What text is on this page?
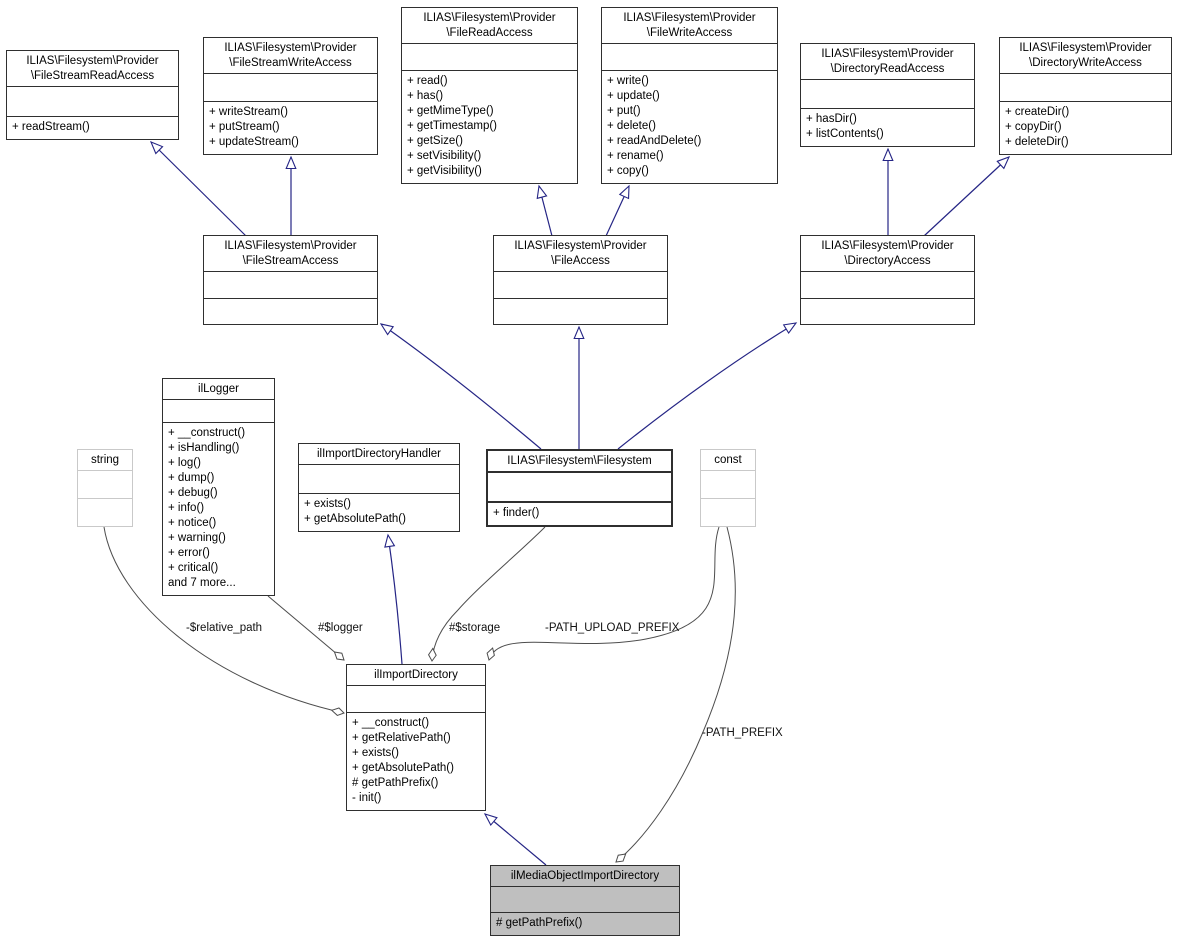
-$relative_path	#$logger	#$storage	-PATH_UPLOAD_PREFIX
-PATH_PREFIX
ILIAS\Filesystem\Provider
\FileStreamReadAccess
+ readStream()
ILIAS\Filesystem\Provider
\FileStreamWriteAccess
+ writeStream()
+ putStream()
+ updateStream()
ILIAS\Filesystem\Provider
\FileReadAccess
+ read()
+ has()
+ getMimeType()
+ getTimestamp()
+ getSize()
+ setVisibility()
+ getVisibility()
ILIAS\Filesystem\Provider
\FileWriteAccess
+ write()
+ update()
+ put()
+ delete()
+ readAndDelete()
+ rename()
+ copy()
ILIAS\Filesystem\Provider
\DirectoryReadAccess
+ hasDir()
+ listContents()
ILIAS\Filesystem\Provider
\DirectoryWriteAccess
+ createDir()
+ copyDir()
+ deleteDir()
ILIAS\Filesystem\Provider
\FileStreamAccess
ILIAS\Filesystem\Provider
\FileAccess
ILIAS\Filesystem\Provider
\DirectoryAccess
string
ilLogger
+ __construct()
+ isHandling()
+ log()
+ dump()
+ debug()
+ info()
+ notice()
+ warning()
+ error()
+ critical()
and 7 more...
ilImportDirectoryHandler
+ exists()
+ getAbsolutePath()
ILIAS\Filesystem\Filesystem
+ finder()
const
ilImportDirectory
+ __construct()
+ getRelativePath()
+ exists()
+ getAbsolutePath()
# getPathPrefix()
- init()
ilMediaObjectImportDirectory
# getPathPrefix()
